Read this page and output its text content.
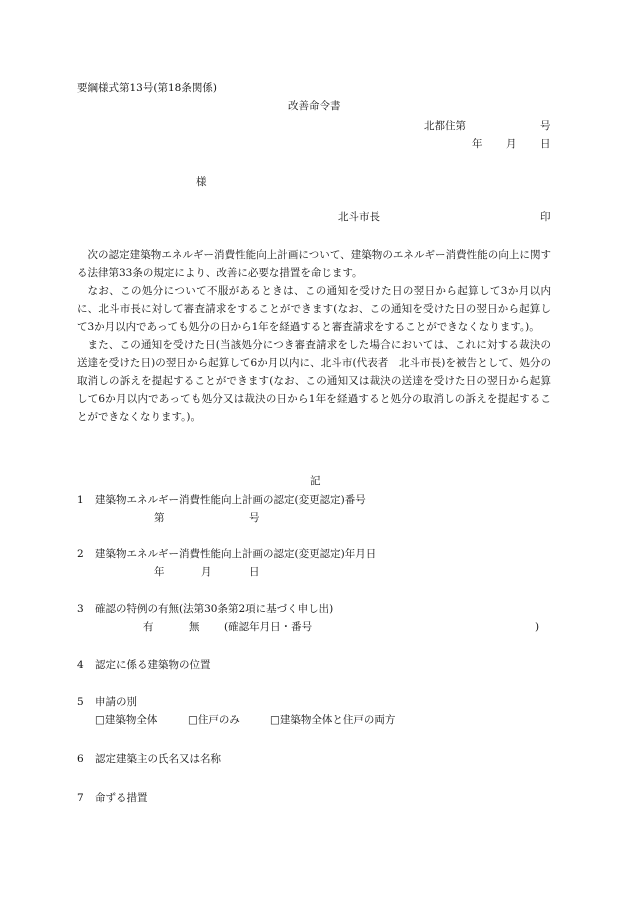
要綱様式第13号(第18条関係)
改善命令書
北都住第	号
年 月 日
様
北斗市長	印

次の認定建築物エネルギー消費性能向上計画について、建築物のエネルギー消費性能の向上に関する法律第33条の規定により、改善に必要な措置を命じます。

なお、この処分について不服があるときは、この通知を受けた日の翌日から起算して3か月以内に、北斗市長に対して審査請求をすることができます(なお、この通知を受けた日の翌日から起算して3か月以内であっても処分の日から1年を経過すると審査請求をすることができなくなります。)。

また、この通知を受けた日(当該処分につき審査請求をした場合においては、これに対する裁決の送達を受けた日)の翌日から起算して6か月以内に、北斗市(代表者　北斗市長)を被告として、処分の取消しの訴えを提起することができます(なお、この通知又は裁決の送達を受けた日の翌日から起算して6か月以内であっても処分又は裁決の日から1年を経過すると処分の取消しの訴えを提起することができなくなります。)。

記
1	建築物エネルギー消費性能向上計画の認定(変更認定)番号
第	号
2	建築物エネルギー消費性能向上計画の認定(変更認定)年月日
年	月	日
3	確認の特例の有無(法第30条第2項に基づく申し出)
有	無 (確認年月日・番号	)
4	認定に係る建築物の位置
5	申請の別
□建築物全体	□住戸のみ	□建築物全体と住戸の両方
6	認定建築主の氏名又は名称
7	命ずる措置
